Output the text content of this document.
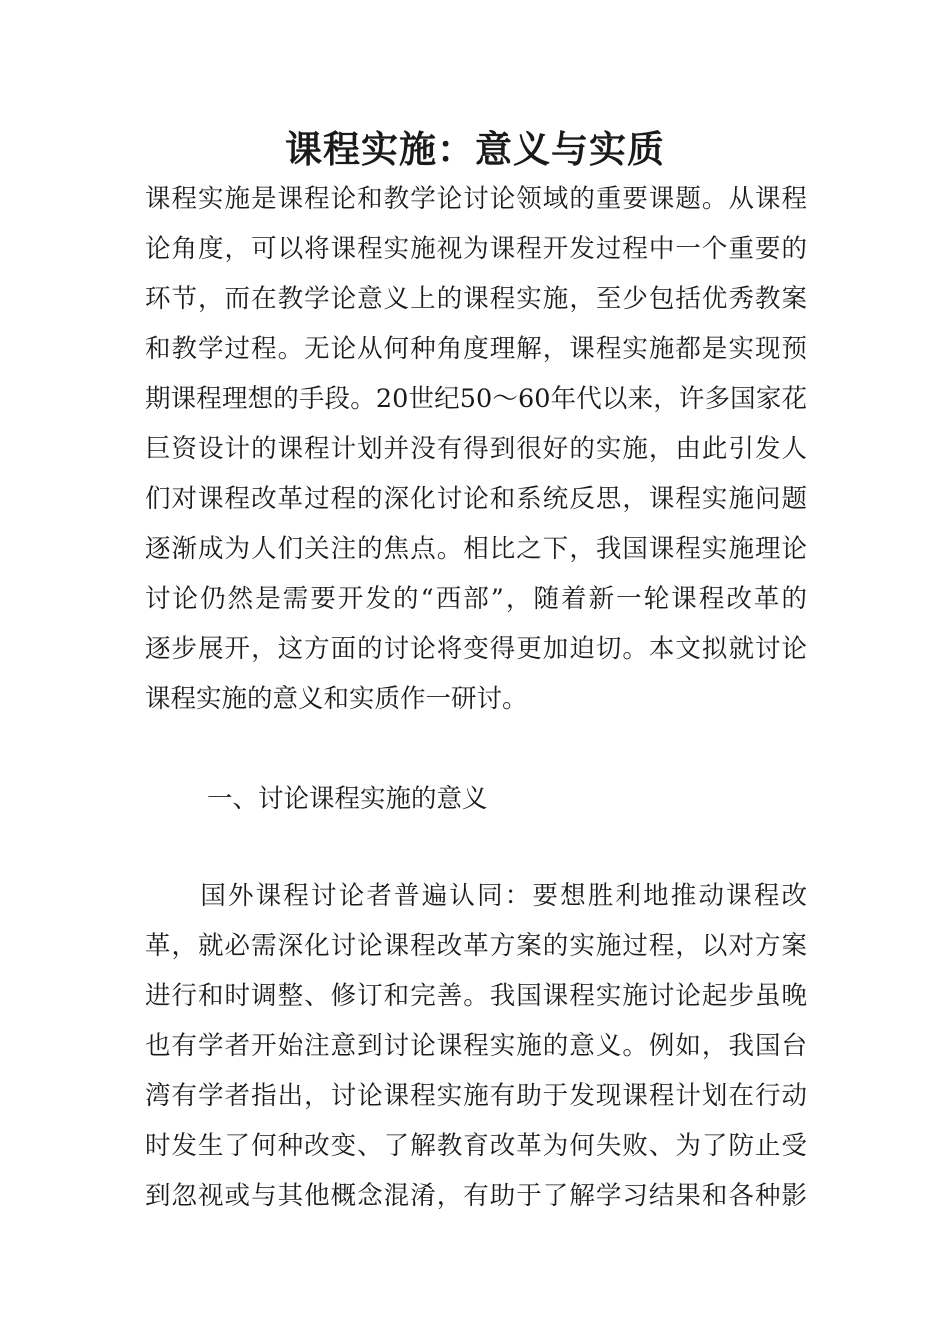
课程实施：意义与实质
课程实施是课程论和教学论讨论领域的重要课题。从课程
论角度，可以将课程实施视为课程开发过程中一个重要的
环节，而在教学论意义上的课程实施，至少包括优秀教案
和教学过程。无论从何种角度理解，课程实施都是实现预
期课程理想的手段。20世纪50～60年代以来，许多国家花
巨资设计的课程计划并没有得到很好的实施，由此引发人
们对课程改革过程的深化讨论和系统反思，课程实施问题
逐渐成为人们关注的焦点。相比之下，我国课程实施理论
讨论仍然是需要开发的“西部”，随着新一轮课程改革的
逐步展开，这方面的讨论将变得更加迫切。本文拟就讨论
课程实施的意义和实质作一研讨。
一、讨论课程实施的意义
　　国外课程讨论者普遍认同：要想胜利地推动课程改
革，就必需深化讨论课程改革方案的实施过程，以对方案
进行和时调整、修订和完善。我国课程实施讨论起步虽晚
也有学者开始注意到讨论课程实施的意义。例如，我国台
湾有学者指出，讨论课程实施有助于发现课程计划在行动
时发生了何种改变、了解教育改革为何失败、为了防止受
到忽视或与其他概念混淆，有助于了解学习结果和各种影
